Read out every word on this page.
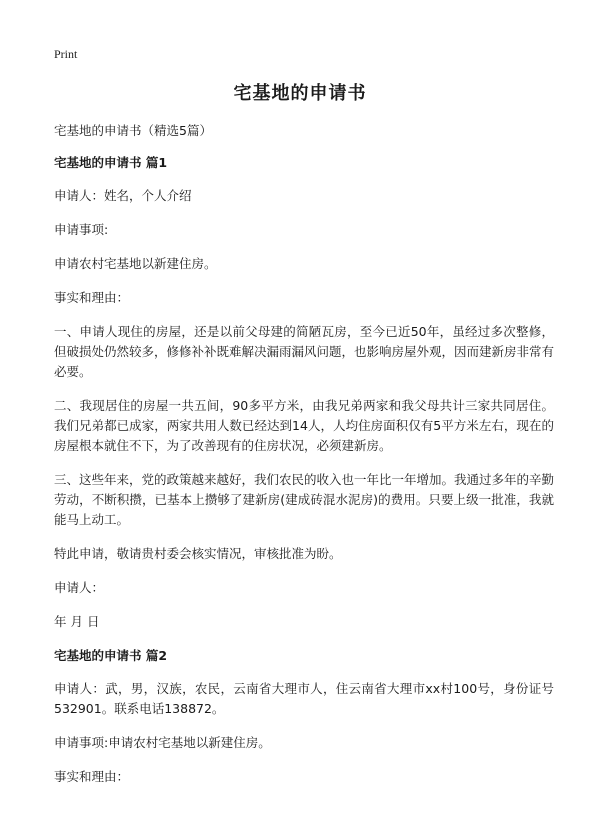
Print
宅基地的申请书

宅基地的申请书（精选5篇）

宅基地的申请书 篇1

申请人：姓名，个人介绍

申请事项:

申请农村宅基地以新建住房。

事实和理由：

一、申请人现住的房屋，还是以前父母建的简陋瓦房，至今已近50年，虽经过多次整修，但破损处仍然较多，修修补补既难解决漏雨漏风问题，也影响房屋外观，因而建新房非常有必要。

二、我现居住的房屋一共五间，90多平方米，由我兄弟两家和我父母共计三家共同居住。我们兄弟都已成家，两家共用人数已经达到14人，人均住房面积仅有5平方米左右，现在的房屋根本就住不下，为了改善现有的住房状况，必须建新房。

三、这些年来，党的政策越来越好，我们农民的收入也一年比一年增加。我通过多年的辛勤劳动，不断积攒，已基本上攒够了建新房(建成砖混水泥房)的费用。只要上级一批准，我就能马上动工。

特此申请，敬请贵村委会核实情况，审核批准为盼。

申请人：

年 月 日

宅基地的申请书 篇2

申请人：武，男，汉族，农民，云南省大理市人，住云南省大理市xx村100号，身份证号532901。联系电话138872。

申请事项:申请农村宅基地以新建住房。

事实和理由：
